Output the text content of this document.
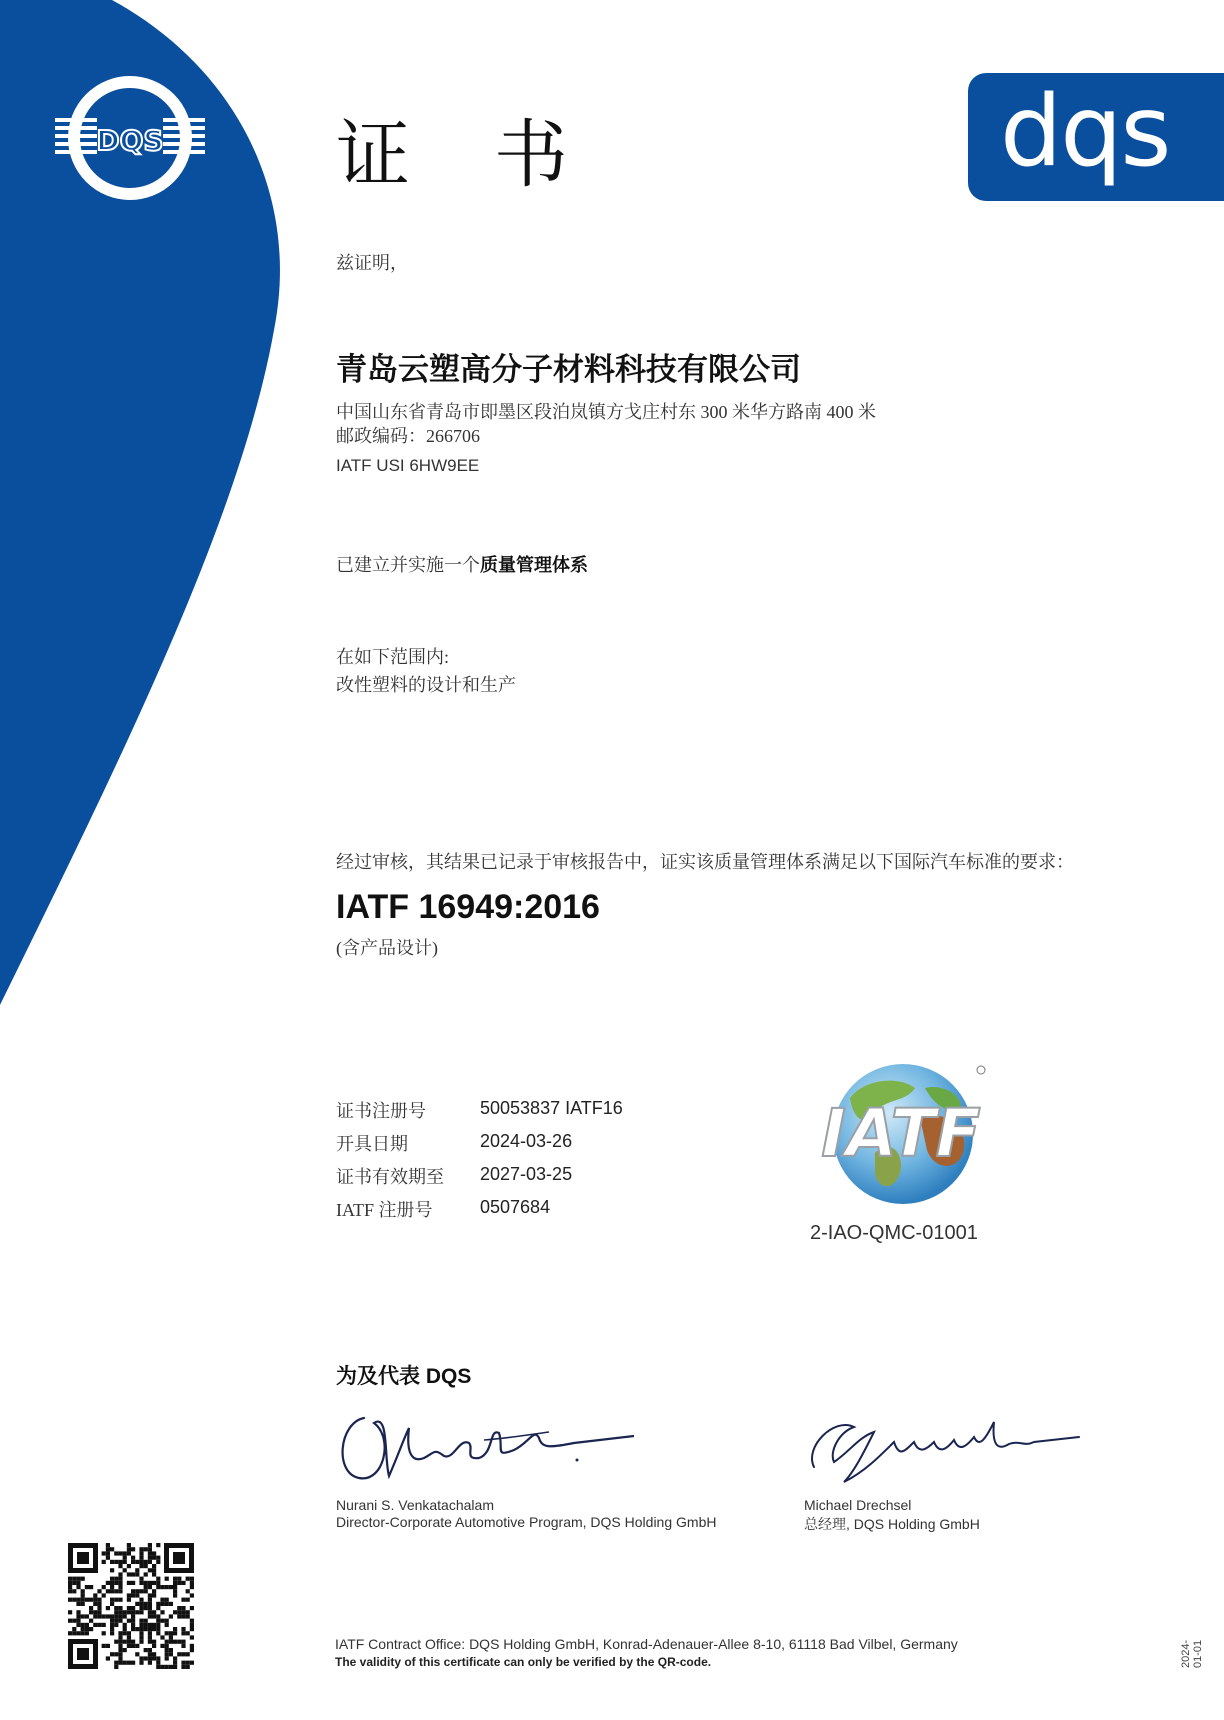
DQS	dqs
证 书
兹证明，
青岛云塑高分子材料科技有限公司
中国山东省青岛市即墨区段泊岚镇方戈庄村东 300 米华方路南 400 米
邮政编码：266706
IATF USI 6HW9EE
已建立并实施一个质量管理体系
在如下范围内:
改性塑料的设计和生产
经过审核，其结果已记录于审核报告中，证实该质量管理体系满足以下国际汽车标准的要求：
IATF 16949:2016
(含产品设计)
证书注册号	50053837 IATF16
开具日期	2024-03-26
证书有效期至	2027-03-25
IATF 注册号	0507684
IATF
2-IAO-QMC-01001
为及代表 DQS
Nurani S. Venkatachalam
Director-Corporate Automotive Program, DQS Holding GmbH
Michael Drechsel
总经理, DQS Holding GmbH
IATF Contract Office: DQS Holding GmbH, Konrad-Adenauer-Allee 8-10, 61118 Bad Vilbel, Germany
The validity of this certificate can only be verified by the QR-code.	2024-01-01
